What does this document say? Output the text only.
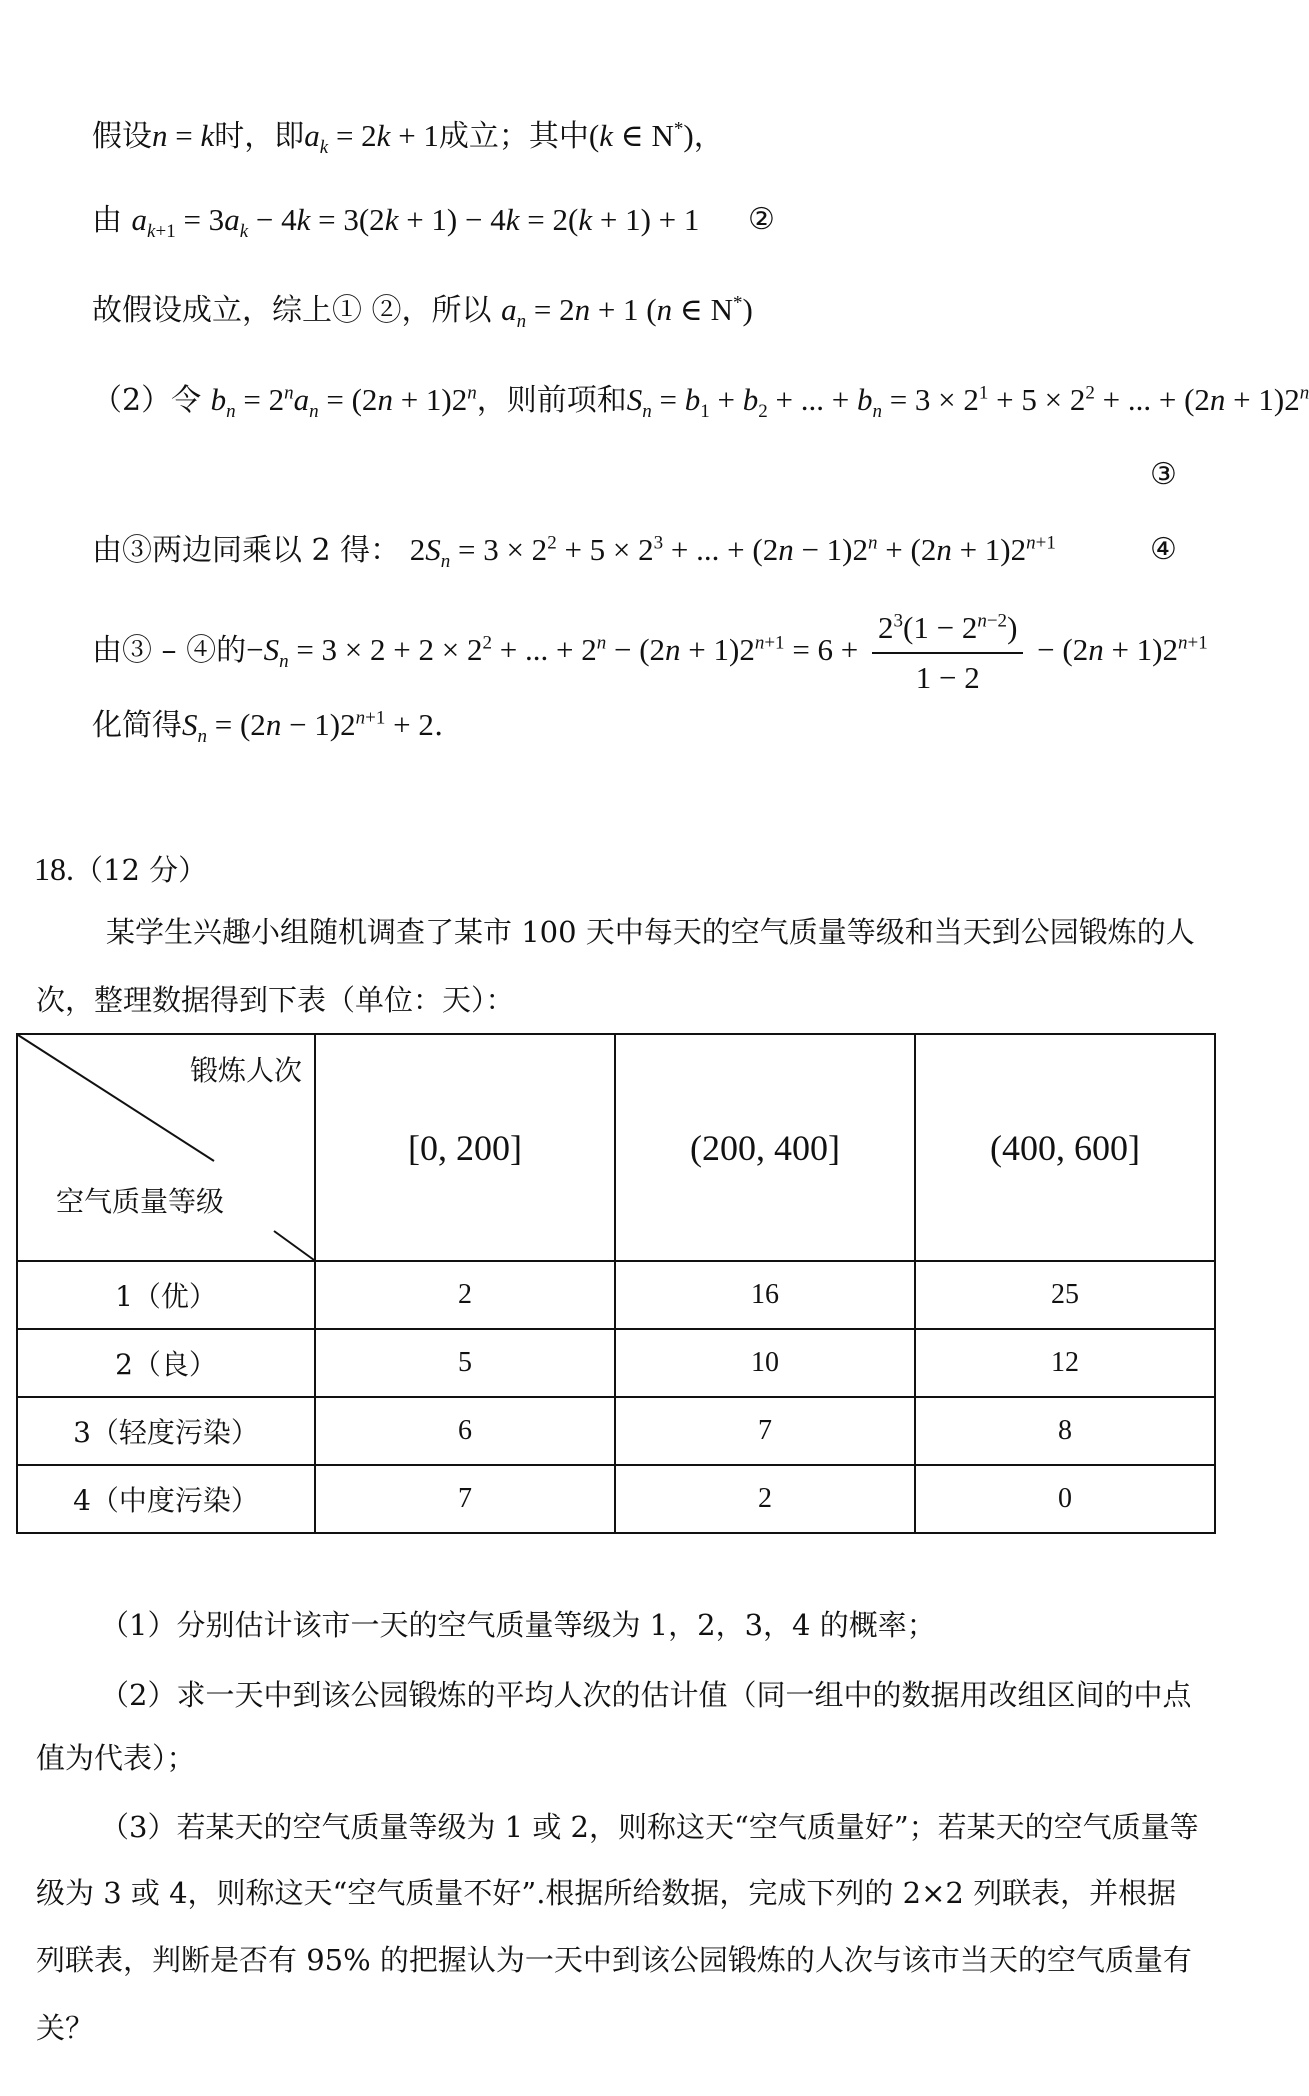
假设n = k时，即$a_k = 2k + 1$成立；其中(k ∈ N*)，
由 $a_{k+1} = 3a_k - 4k = 3(2k + 1) - 4k = 2(k + 1) + 1$ ②
故假设成立，综上① ②，所以 $a_n = 2n + 1$ (n ∈ N*)
（2）令 $b_n = 2^na_n = (2n + 1)2^n$，则前项和$S_n = b_1 + b_2$ + ... + $b_n = 3 \times 2^1 + 5 \times 2^2$ + ... + $(2n + 1)2^n$
③
由③两边同乘以 2 得： $2S_n = 3 \times 2^2 + 5 \times 2^3$ + ... + $(2n - 1)2^n + (2n + 1)2^{n+1}$	④
由③ – ④的$-S_n = 3 \times 2 + 2 \times 2^2$ + ... + $2^n - (2n + 1)2^{n+1} = 6 + \frac{2^3(1 - 2^{n-2})}{1 - 2} - (2n + 1)2^{n+1}$
化简得$S_n = (2n - 1)2^{n+1} + 2$.
18.（12 分）
某学生兴趣小组随机调查了某市 100 天中每天的空气质量等级和当天到公园锻炼的人
次，整理数据得到下表（单位：天）：
锻炼人次
空气质量等级	[0, 200]	(200, 400]	(400, 600]
1（优）	2	16	25
2（良）	5	10	12
3（轻度污染）	6	7	8
4（中度污染）	7	2	0
（1）分别估计该市一天的空气质量等级为 1，2，3，4 的概率；
（2）求一天中到该公园锻炼的平均人次的估计值（同一组中的数据用改组区间的中点
值为代表）；
（3）若某天的空气质量等级为 1 或 2，则称这天“空气质量好”；若某天的空气质量等
级为 3 或 4，则称这天“空气质量不好”.根据所给数据，完成下列的 2×2 列联表，并根据
列联表，判断是否有 95% 的把握认为一天中到该公园锻炼的人次与该市当天的空气质量有
关？
